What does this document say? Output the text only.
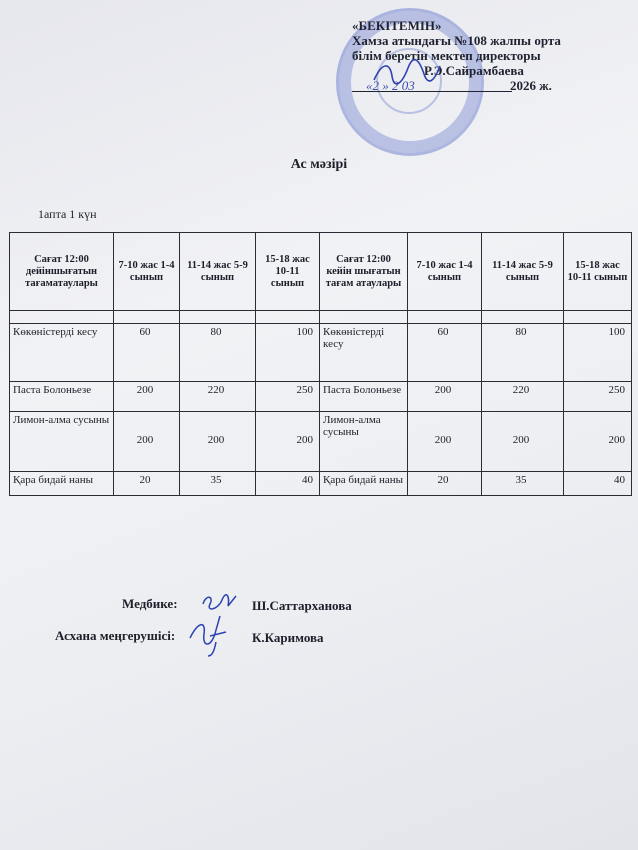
«БЕКІТЕМІН»
Хамза атындағы №108 жалпы орта
білім беретін мектеп директоры
Р.Э.Сайрамбаева
«2 » 2 03	2026 ж.
Ас мәзірі
1апта 1 күн
Сағат 12:00 дейіншығатын тағаматаулары	7-10 жас 1-4 сынып	11-14 жас 5-9 сынып	15-18 жас 10-11 сынып	Сағат 12:00 кейін шығатын тағам атаулары	7-10 жас 1-4 сынып	11-14 жас 5-9 сынып	15-18 жас 10-11 сынып

Көкөністерді кесу	60	80	100	Көкөністерді кесу	60	80	100
Паста Болоньезе	200	220	250	Паста Болоньезе	200	220	250
Лимон-алма сусыны	200	200	200	Лимон-алма сусыны	200	200	200
Қара бидай наны	20	35	40	Қара бидай наны	20	35	40
Медбике:	Ш.Саттарханова
Асхана меңгерушісі:	К.Каримова
